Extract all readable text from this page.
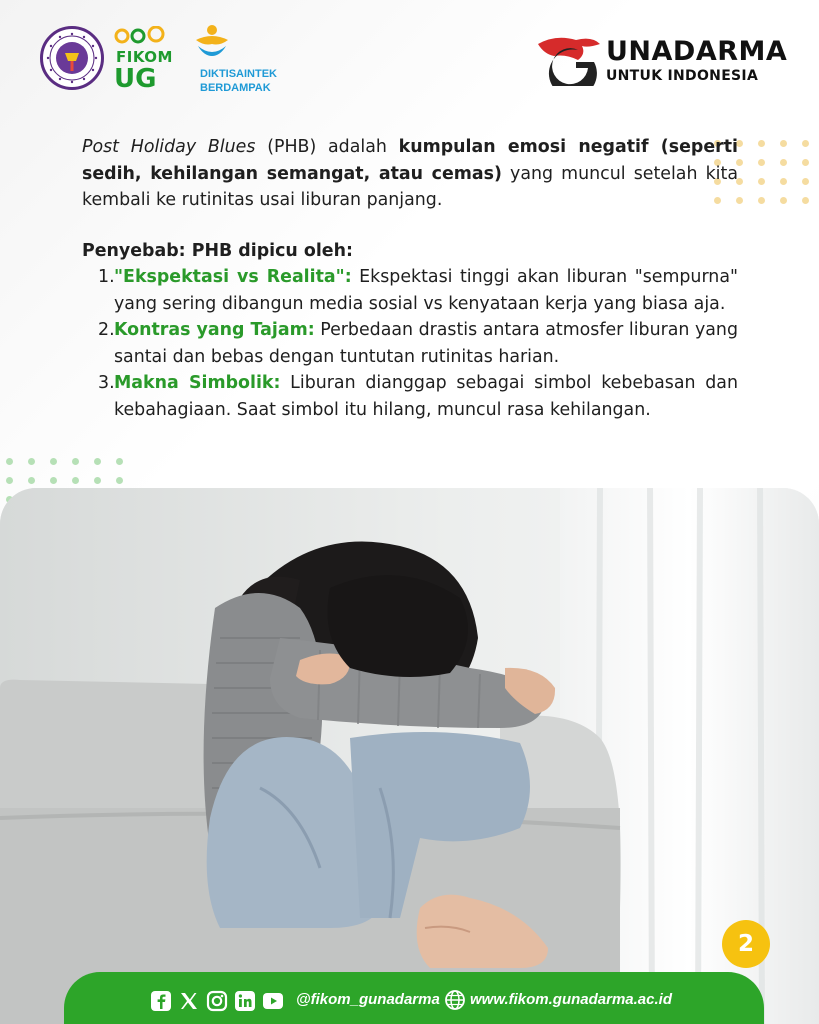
FIKOM
UG	DIKTISAINTEK
BERDAMPAK
UNADARMA
UNTUK INDONESIA

Post Holiday Blues (PHB) adalah kumpulan emosi negatif (seperti sedih, kehilangan semangat, atau cemas) yang muncul setelah kita kembali ke rutinitas usai liburan panjang.

Penyebab: PHB dipicu oleh:

1. "Ekspektasi vs Realita": Ekspektasi tinggi akan liburan "sempurna" yang sering dibangun media sosial vs kenyataan kerja yang biasa aja.
2. Kontras yang Tajam: Perbedaan drastis antara atmosfer liburan yang santai dan bebas dengan tuntutan rutinitas harian.
3. Makna Simbolik: Liburan dianggap sebagai simbol kebebasan dan kebahagiaan. Saat simbol itu hilang, muncul rasa kehilangan.
2
@fikom_gunadarma www.fikom.gunadarma.ac.id
